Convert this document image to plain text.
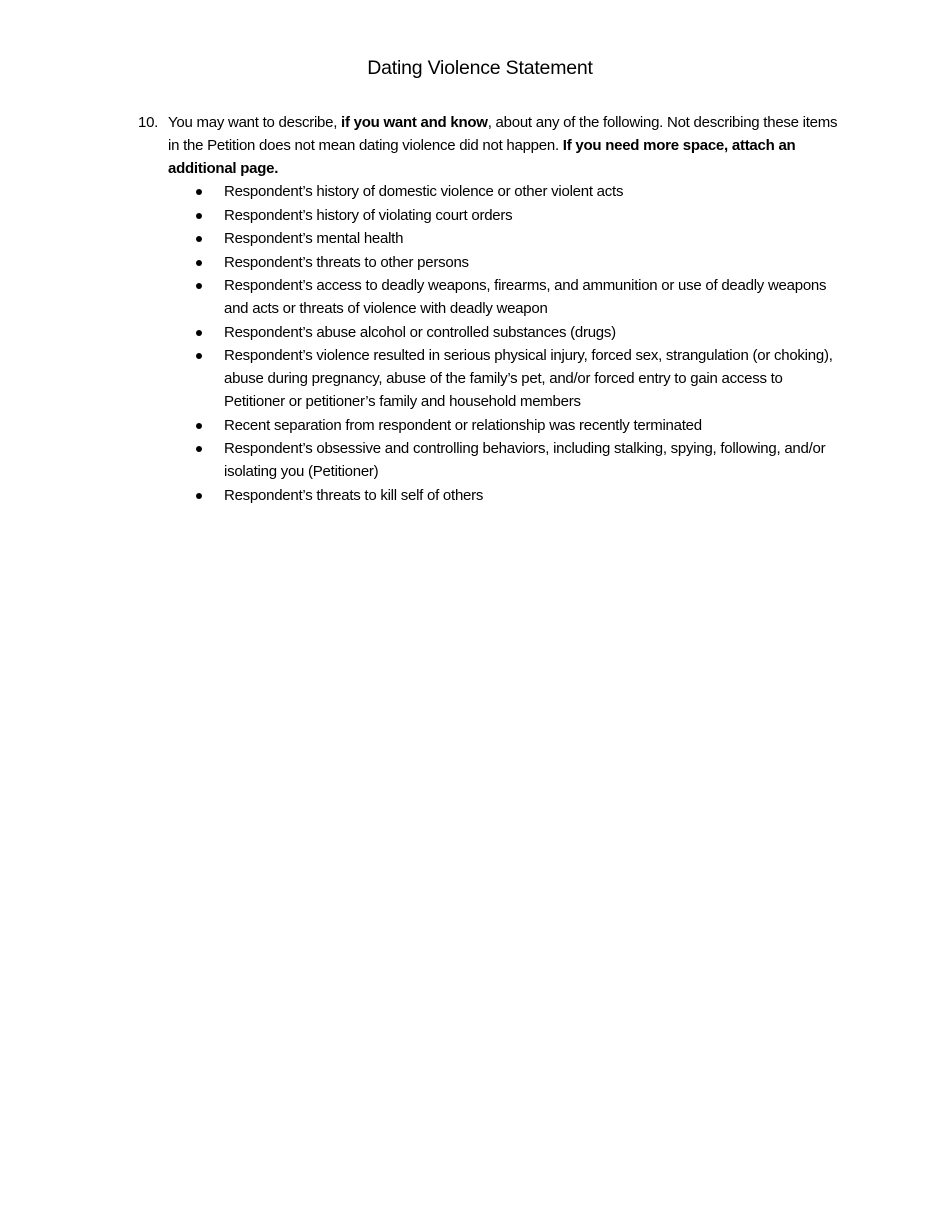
Dating Violence Statement
10. You may want to describe, if you want and know, about any of the following. Not describing these items in the Petition does not mean dating violence did not happen. If you need more space, attach an additional page.
Respondent’s history of domestic violence or other violent acts
Respondent’s history of violating court orders
Respondent’s mental health
Respondent’s threats to other persons
Respondent’s access to deadly weapons, firearms, and ammunition or use of deadly weapons and acts or threats of violence with deadly weapon
Respondent’s abuse alcohol or controlled substances (drugs)
Respondent’s violence resulted in serious physical injury, forced sex, strangulation (or choking), abuse during pregnancy, abuse of the family’s pet, and/or forced entry to gain access to Petitioner or petitioner’s family and household members
Recent separation from respondent or relationship was recently terminated
Respondent’s obsessive and controlling behaviors, including stalking, spying, following, and/or isolating you (Petitioner)
Respondent’s threats to kill self of others
